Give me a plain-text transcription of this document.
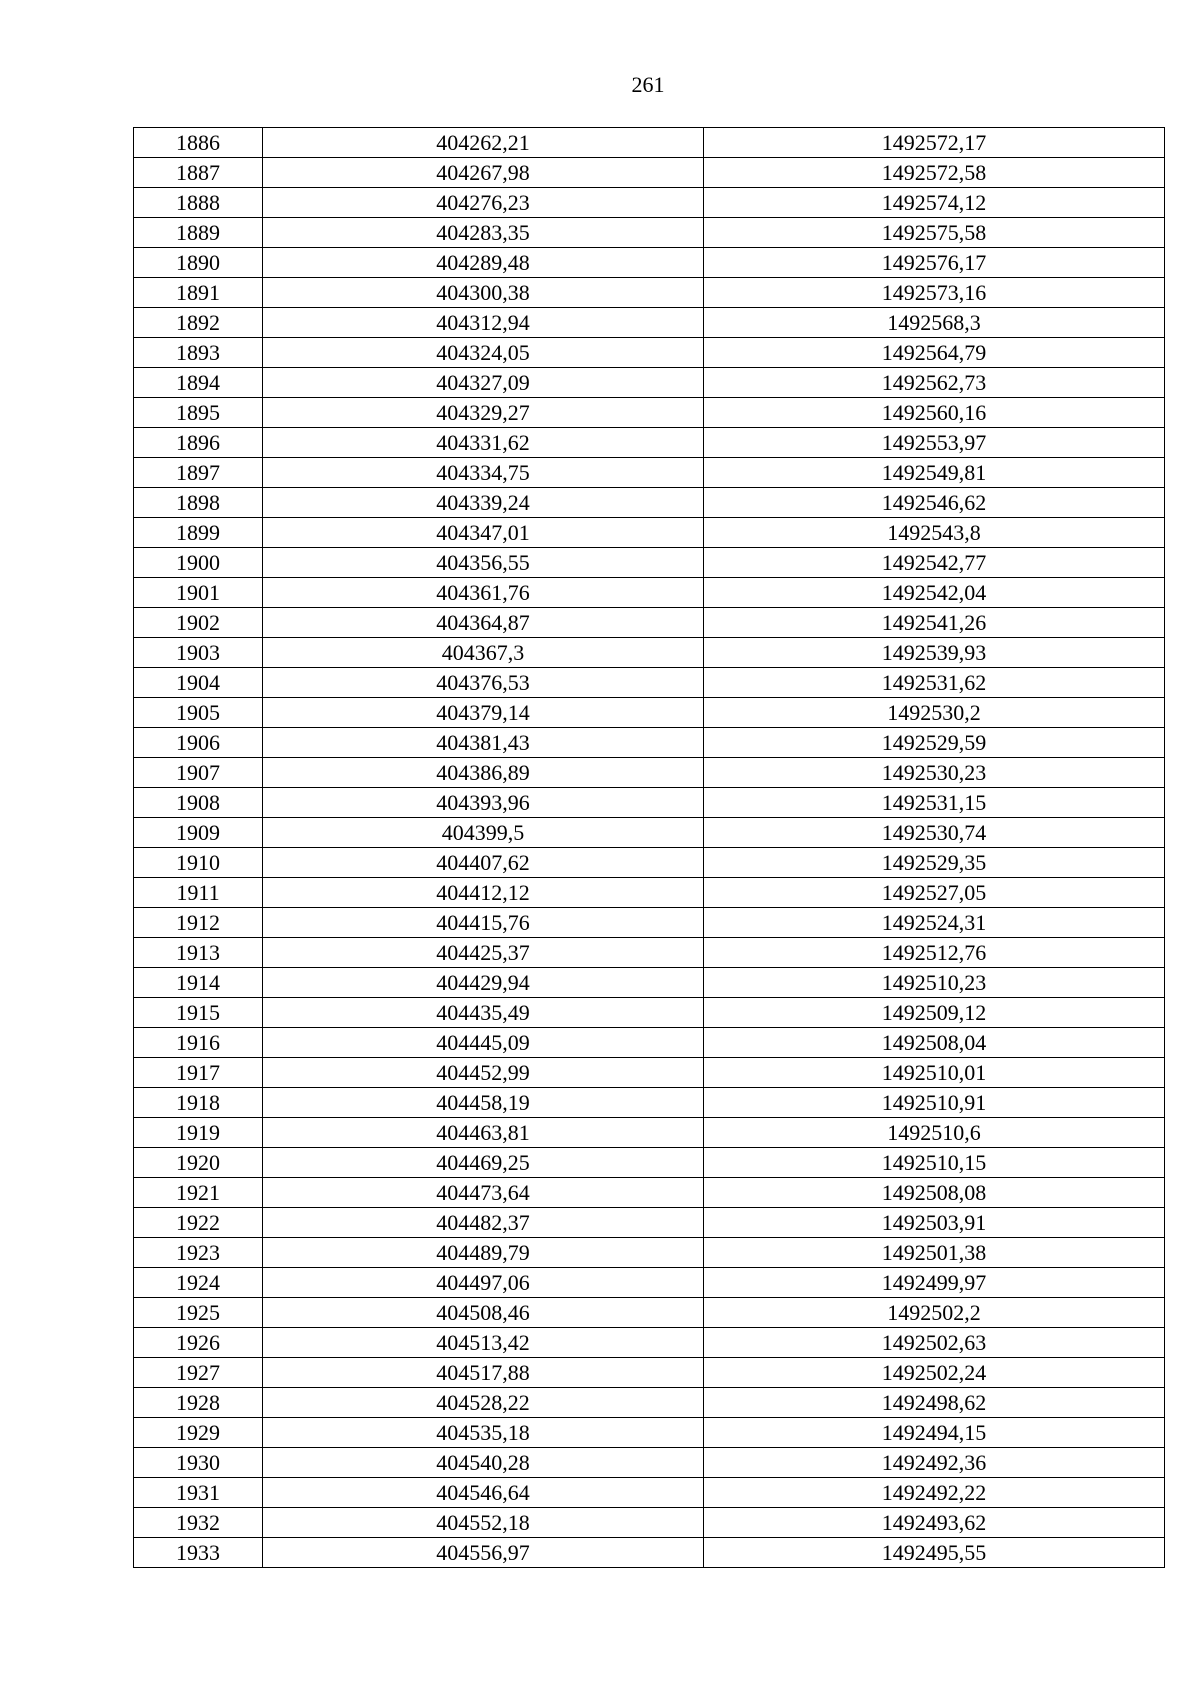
261
1886	404262,21	1492572,17
1887	404267,98	1492572,58
1888	404276,23	1492574,12
1889	404283,35	1492575,58
1890	404289,48	1492576,17
1891	404300,38	1492573,16
1892	404312,94	1492568,3
1893	404324,05	1492564,79
1894	404327,09	1492562,73
1895	404329,27	1492560,16
1896	404331,62	1492553,97
1897	404334,75	1492549,81
1898	404339,24	1492546,62
1899	404347,01	1492543,8
1900	404356,55	1492542,77
1901	404361,76	1492542,04
1902	404364,87	1492541,26
1903	404367,3	1492539,93
1904	404376,53	1492531,62
1905	404379,14	1492530,2
1906	404381,43	1492529,59
1907	404386,89	1492530,23
1908	404393,96	1492531,15
1909	404399,5	1492530,74
1910	404407,62	1492529,35
1911	404412,12	1492527,05
1912	404415,76	1492524,31
1913	404425,37	1492512,76
1914	404429,94	1492510,23
1915	404435,49	1492509,12
1916	404445,09	1492508,04
1917	404452,99	1492510,01
1918	404458,19	1492510,91
1919	404463,81	1492510,6
1920	404469,25	1492510,15
1921	404473,64	1492508,08
1922	404482,37	1492503,91
1923	404489,79	1492501,38
1924	404497,06	1492499,97
1925	404508,46	1492502,2
1926	404513,42	1492502,63
1927	404517,88	1492502,24
1928	404528,22	1492498,62
1929	404535,18	1492494,15
1930	404540,28	1492492,36
1931	404546,64	1492492,22
1932	404552,18	1492493,62
1933	404556,97	1492495,55
